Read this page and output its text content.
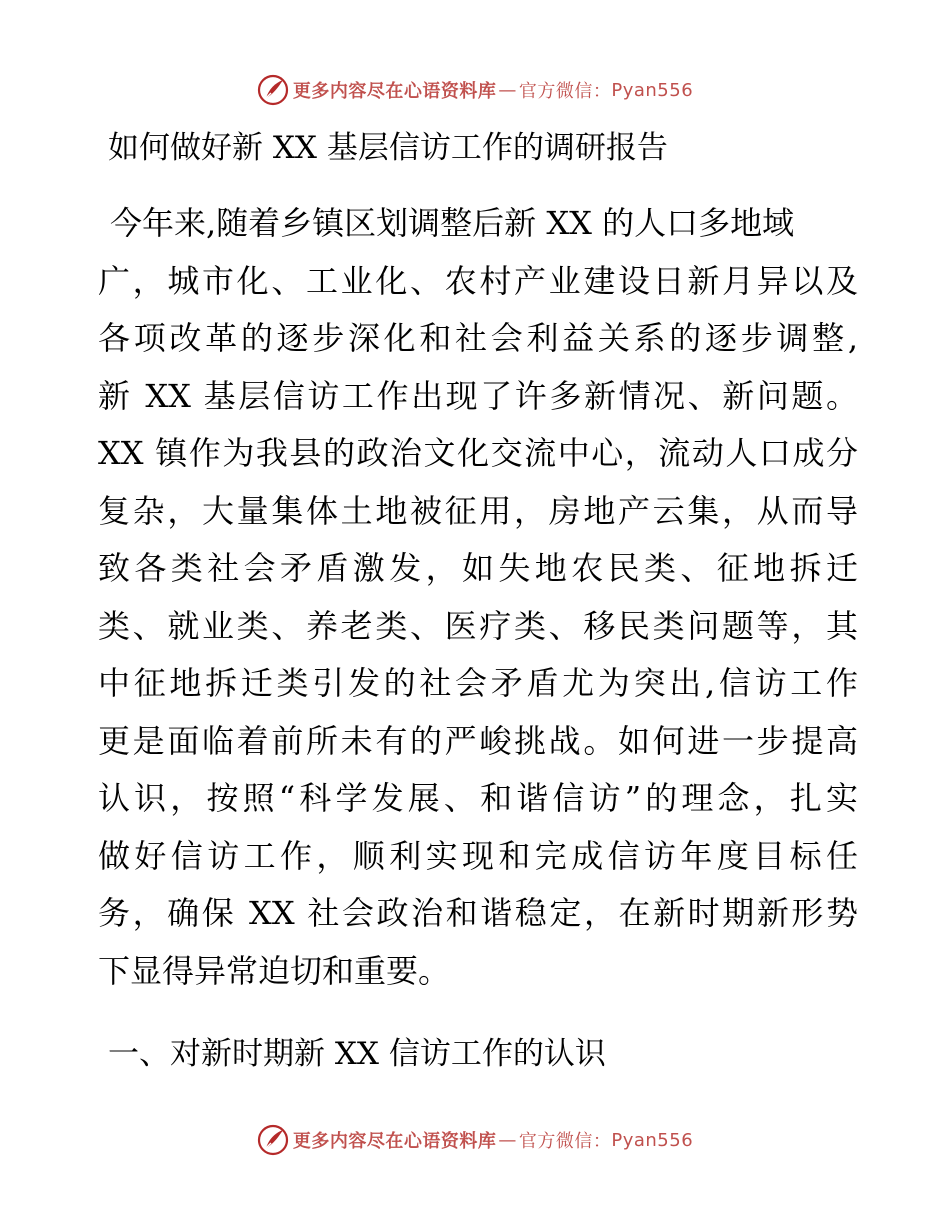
更多内容尽在心语资料库 — 官方微信： Pyan556
如何做好新 XX 基层信访工作的调研报告
今年来,随着乡镇区划调整后新 XX 的人口多地域
广，城市化、工业化、农村产业建设日新月异以及
各项改革的逐步深化和社会利益关系的逐步调整,
新 XX 基层信访工作出现了许多新情况、新问题。
XX 镇作为我县的政治文化交流中心，流动人口成分
复杂，大量集体土地被征用，房地产云集，从而导
致各类社会矛盾激发，如失地农民类、征地拆迁
类、就业类、养老类、医疗类、移民类问题等，其
中征地拆迁类引发的社会矛盾尤为突出,信访工作
更是面临着前所未有的严峻挑战。如何进一步提高
认识，按照“科学发展、和谐信访”的理念，扎实
做好信访工作，顺利实现和完成信访年度目标任
务，确保 XX 社会政治和谐稳定，在新时期新形势
下显得异常迫切和重要。
一、对新时期新 XX 信访工作的认识
更多内容尽在心语资料库 — 官方微信： Pyan556
